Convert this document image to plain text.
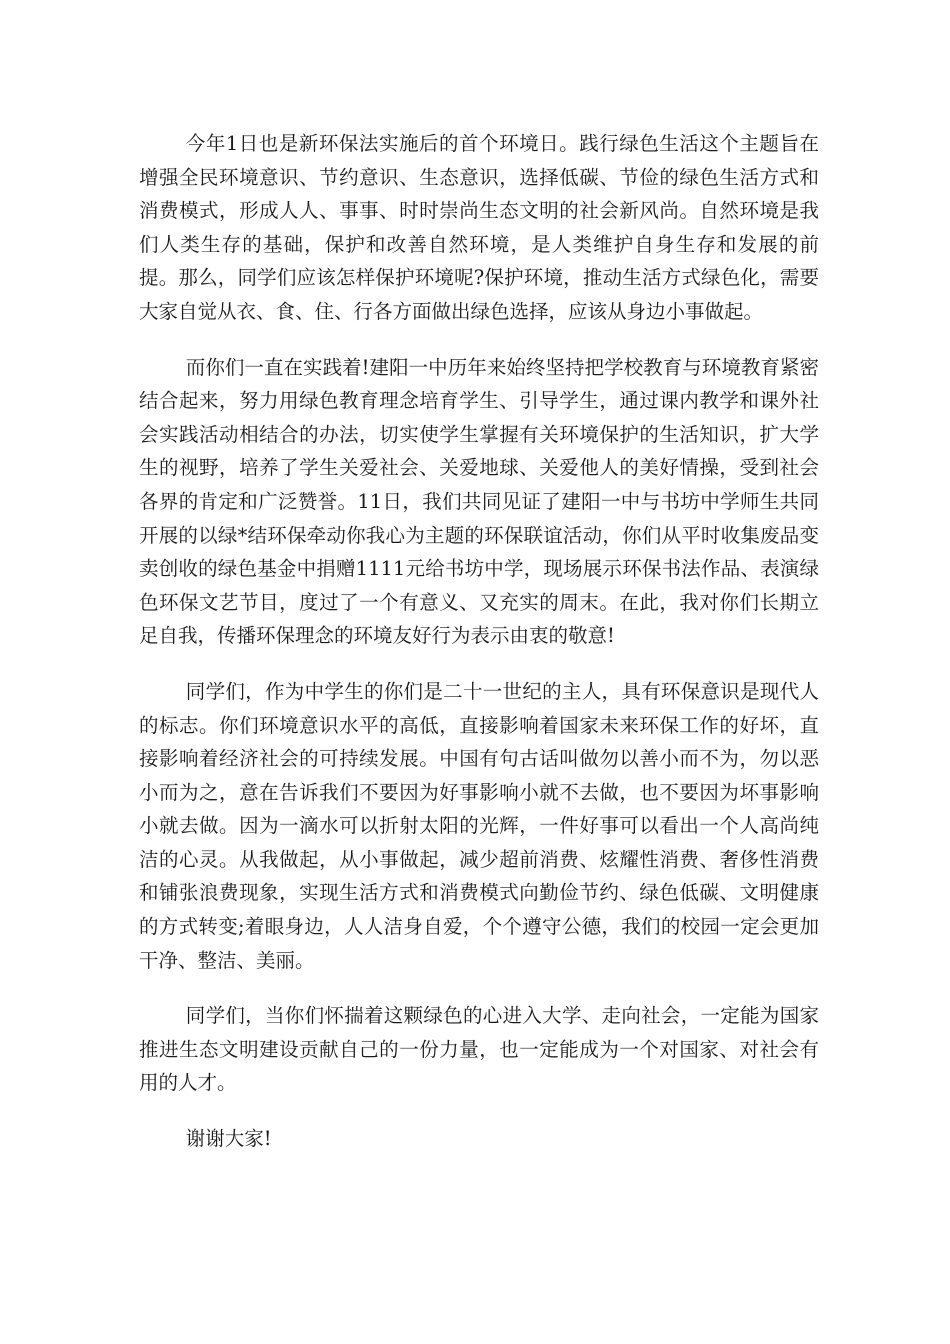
今年1日也是新环保法实施后的首个环境日。践行绿色生活这个主题旨在增强全民环境意识、节约意识、生态意识，选择低碳、节俭的绿色生活方式和消费模式，形成人人、事事、时时崇尚生态文明的社会新风尚。自然环境是我们人类生存的基础，保护和改善自然环境，是人类维护自身生存和发展的前提。那么，同学们应该怎样保护环境呢?保护环境，推动生活方式绿色化，需要大家自觉从衣、食、住、行各方面做出绿色选择，应该从身边小事做起。

而你们一直在实践着!建阳一中历年来始终坚持把学校教育与环境教育紧密结合起来，努力用绿色教育理念培育学生、引导学生，通过课内教学和课外社会实践活动相结合的办法，切实使学生掌握有关环境保护的生活知识，扩大学生的视野，培养了学生关爱社会、关爱地球、关爱他人的美好情操，受到社会各界的肯定和广泛赞誉。11日，我们共同见证了建阳一中与书坊中学师生共同开展的以绿*结环保牵动你我心为主题的环保联谊活动，你们从平时收集废品变卖创收的绿色基金中捐赠1111元给书坊中学，现场展示环保书法作品、表演绿色环保文艺节目，度过了一个有意义、又充实的周末。在此，我对你们长期立足自我，传播环保理念的环境友好行为表示由衷的敬意!

同学们，作为中学生的你们是二十一世纪的主人，具有环保意识是现代人的标志。你们环境意识水平的高低，直接影响着国家未来环保工作的好坏，直接影响着经济社会的可持续发展。中国有句古话叫做勿以善小而不为，勿以恶小而为之，意在告诉我们不要因为好事影响小就不去做，也不要因为坏事影响小就去做。因为一滴水可以折射太阳的光辉，一件好事可以看出一个人高尚纯洁的心灵。从我做起，从小事做起，减少超前消费、炫耀性消费、奢侈性消费和铺张浪费现象，实现生活方式和消费模式向勤俭节约、绿色低碳、文明健康的方式转变;着眼身边，人人洁身自爱，个个遵守公德，我们的校园一定会更加干净、整洁、美丽。

同学们，当你们怀揣着这颗绿色的心进入大学、走向社会，一定能为国家推进生态文明建设贡献自己的一份力量，也一定能成为一个对国家、对社会有用的人才。

谢谢大家!
